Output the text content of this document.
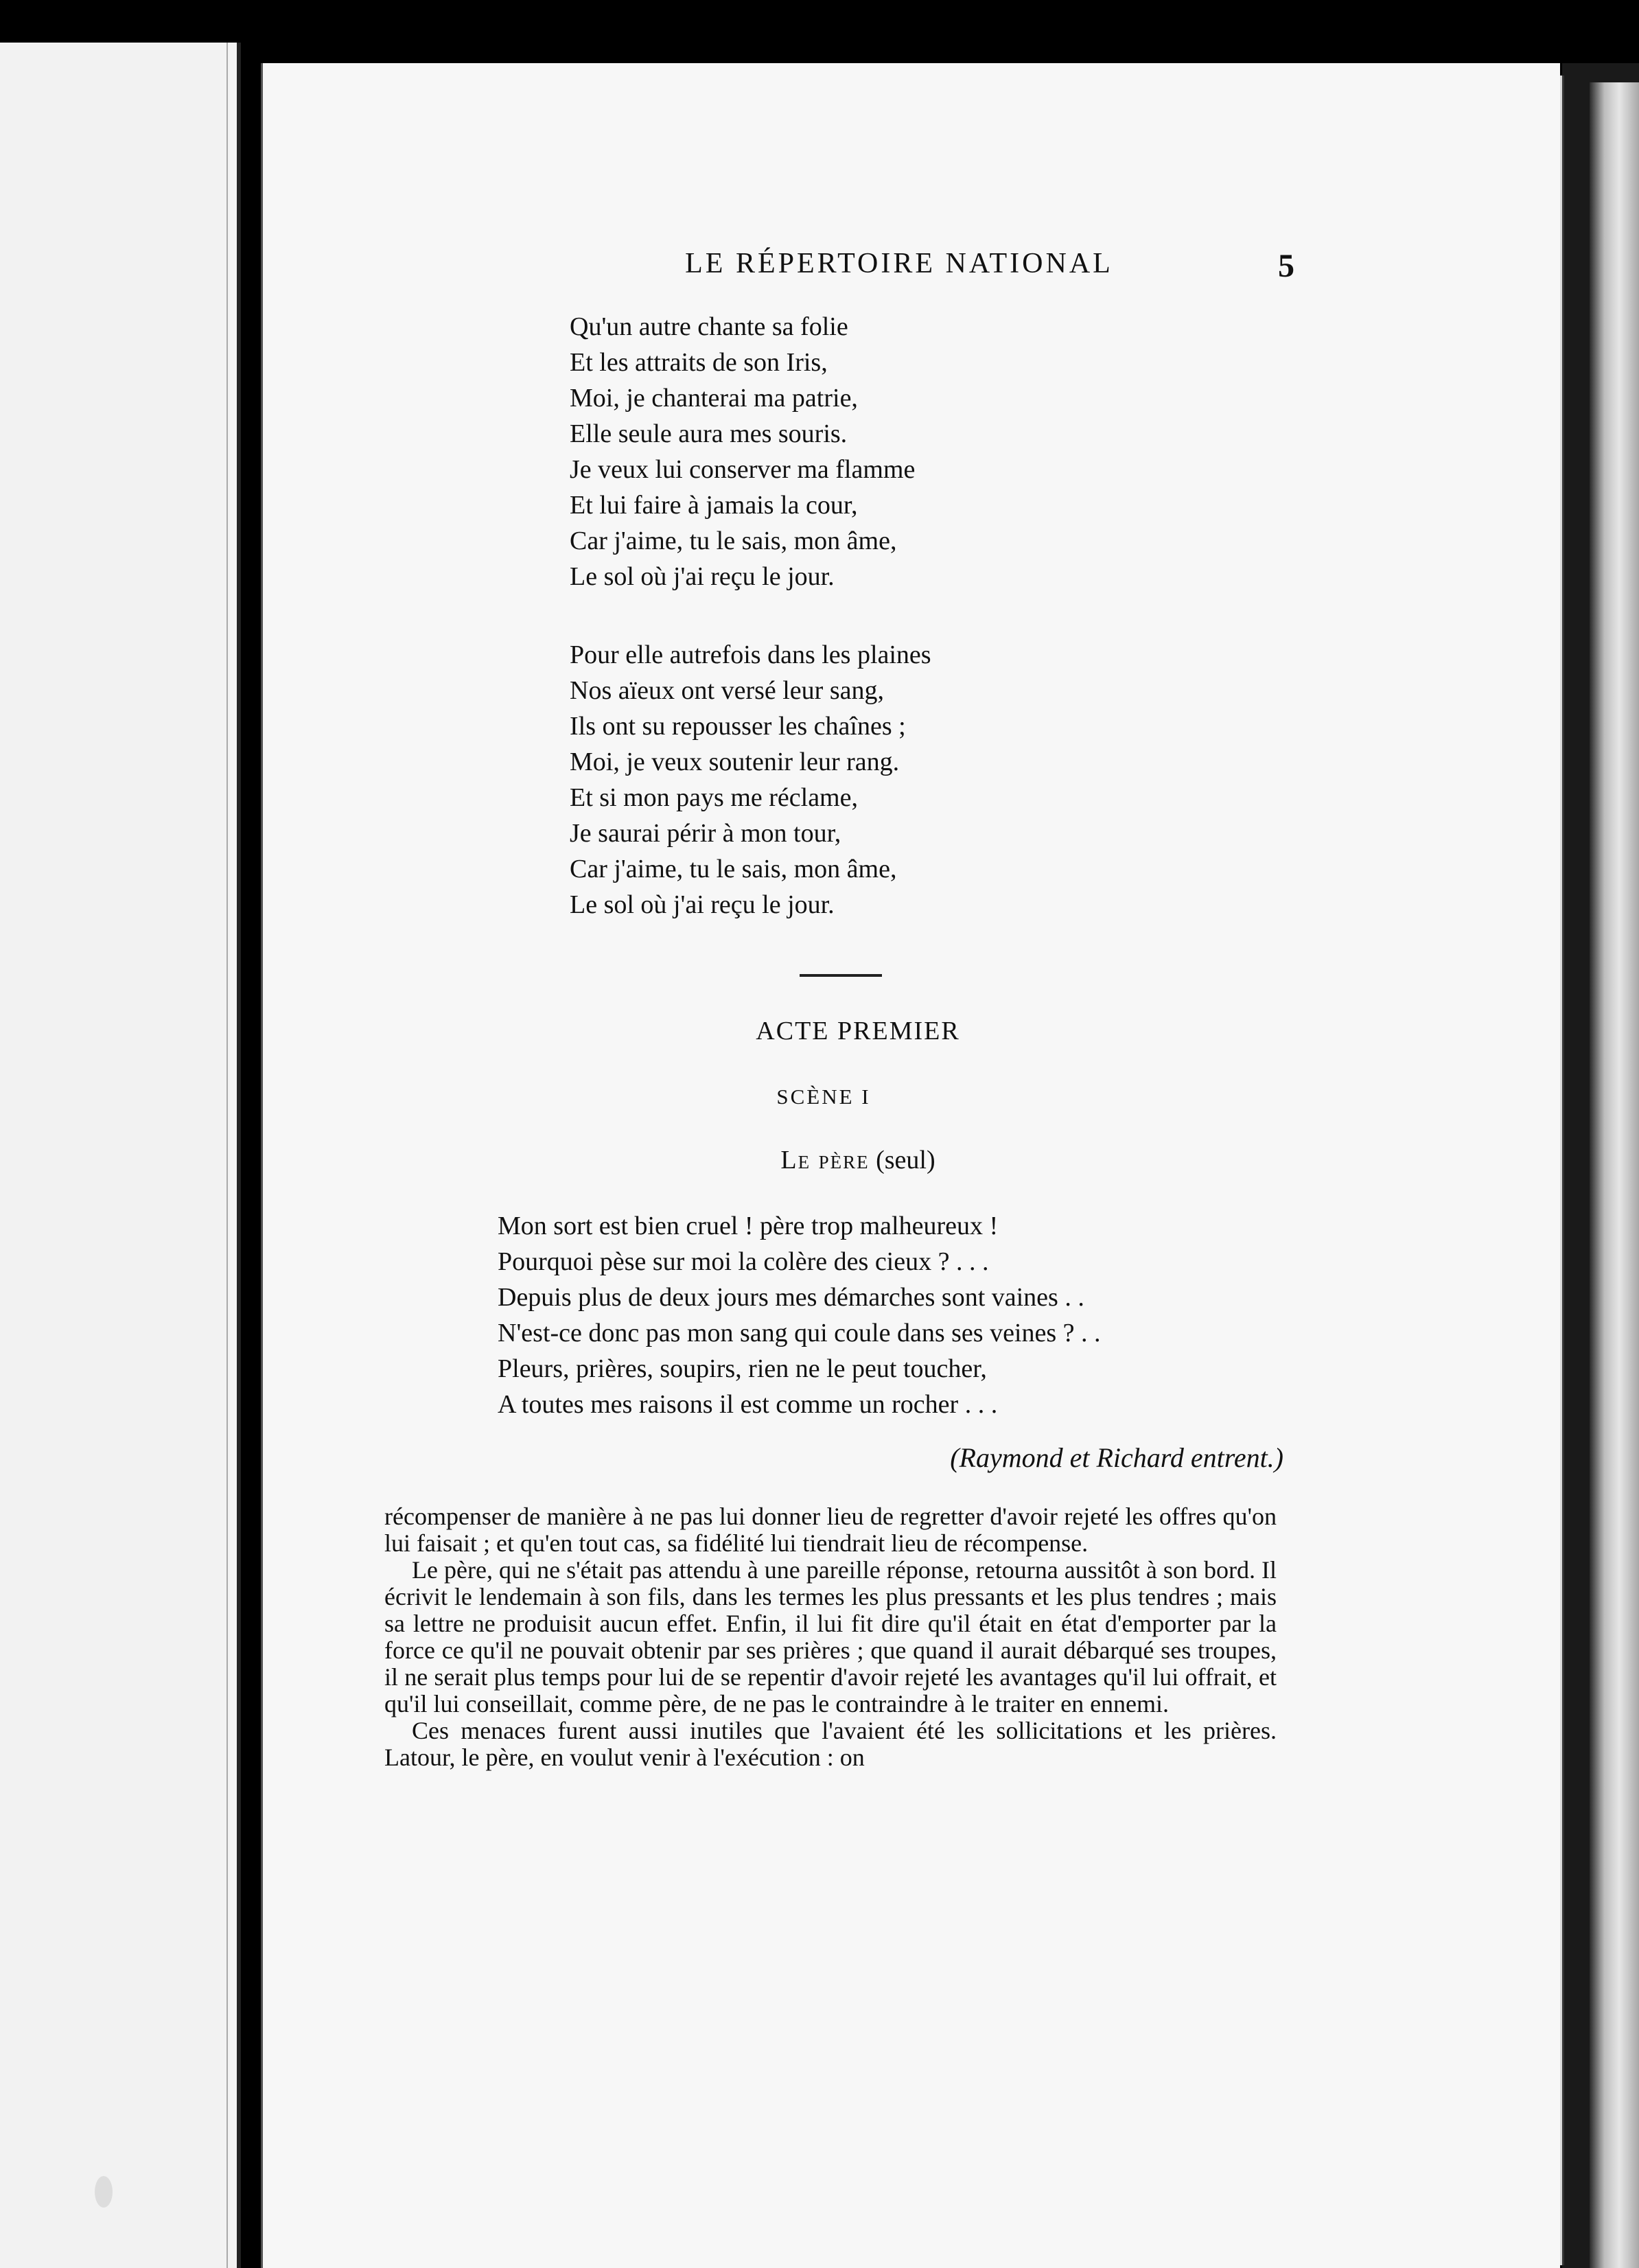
LE RÉPERTOIRE NATIONAL	5
Qu'un autre chante sa folie
Et les attraits de son Iris,
Moi, je chanterai ma patrie,
Elle seule aura mes souris.
Je veux lui conserver ma flamme
Et lui faire à jamais la cour,
Car j'aime, tu le sais, mon âme,
Le sol où j'ai reçu le jour.
Pour elle autrefois dans les plaines
Nos aïeux ont versé leur sang,
Ils ont su repousser les chaînes ;
Moi, je veux soutenir leur rang.
Et si mon pays me réclame,
Je saurai périr à mon tour,
Car j'aime, tu le sais, mon âme,
Le sol où j'ai reçu le jour.
ACTE PREMIER
SCÈNE I
Le père (seul)
Mon sort est bien cruel ! père trop malheureux !
Pourquoi pèse sur moi la colère des cieux ? . . .
Depuis plus de deux jours mes démarches sont vaines . .
N'est-ce donc pas mon sang qui coule dans ses veines ? . .
Pleurs, prières, soupirs, rien ne le peut toucher,
A toutes mes raisons il est comme un rocher . . .
(Raymond et Richard entrent.)

récompenser de manière à ne pas lui donner lieu de regretter d'avoir rejeté les offres qu'on lui faisait ; et qu'en tout cas, sa fidélité lui tiendrait lieu de récompense.

Le père, qui ne s'était pas attendu à une pareille réponse, retourna aussitôt à son bord. Il écrivit le lendemain à son fils, dans les termes les plus pressants et les plus tendres ; mais sa lettre ne produisit aucun effet. Enfin, il lui fit dire qu'il était en état d'emporter par la force ce qu'il ne pouvait obtenir par ses prières ; que quand il aurait débarqué ses troupes, il ne serait plus temps pour lui de se repentir d'avoir rejeté les avantages qu'il lui offrait, et qu'il lui conseillait, comme père, de ne pas le contraindre à le traiter en ennemi.

Ces menaces furent aussi inutiles que l'avaient été les sollicitations et les prières. Latour, le père, en voulut venir à l'exécution : on
